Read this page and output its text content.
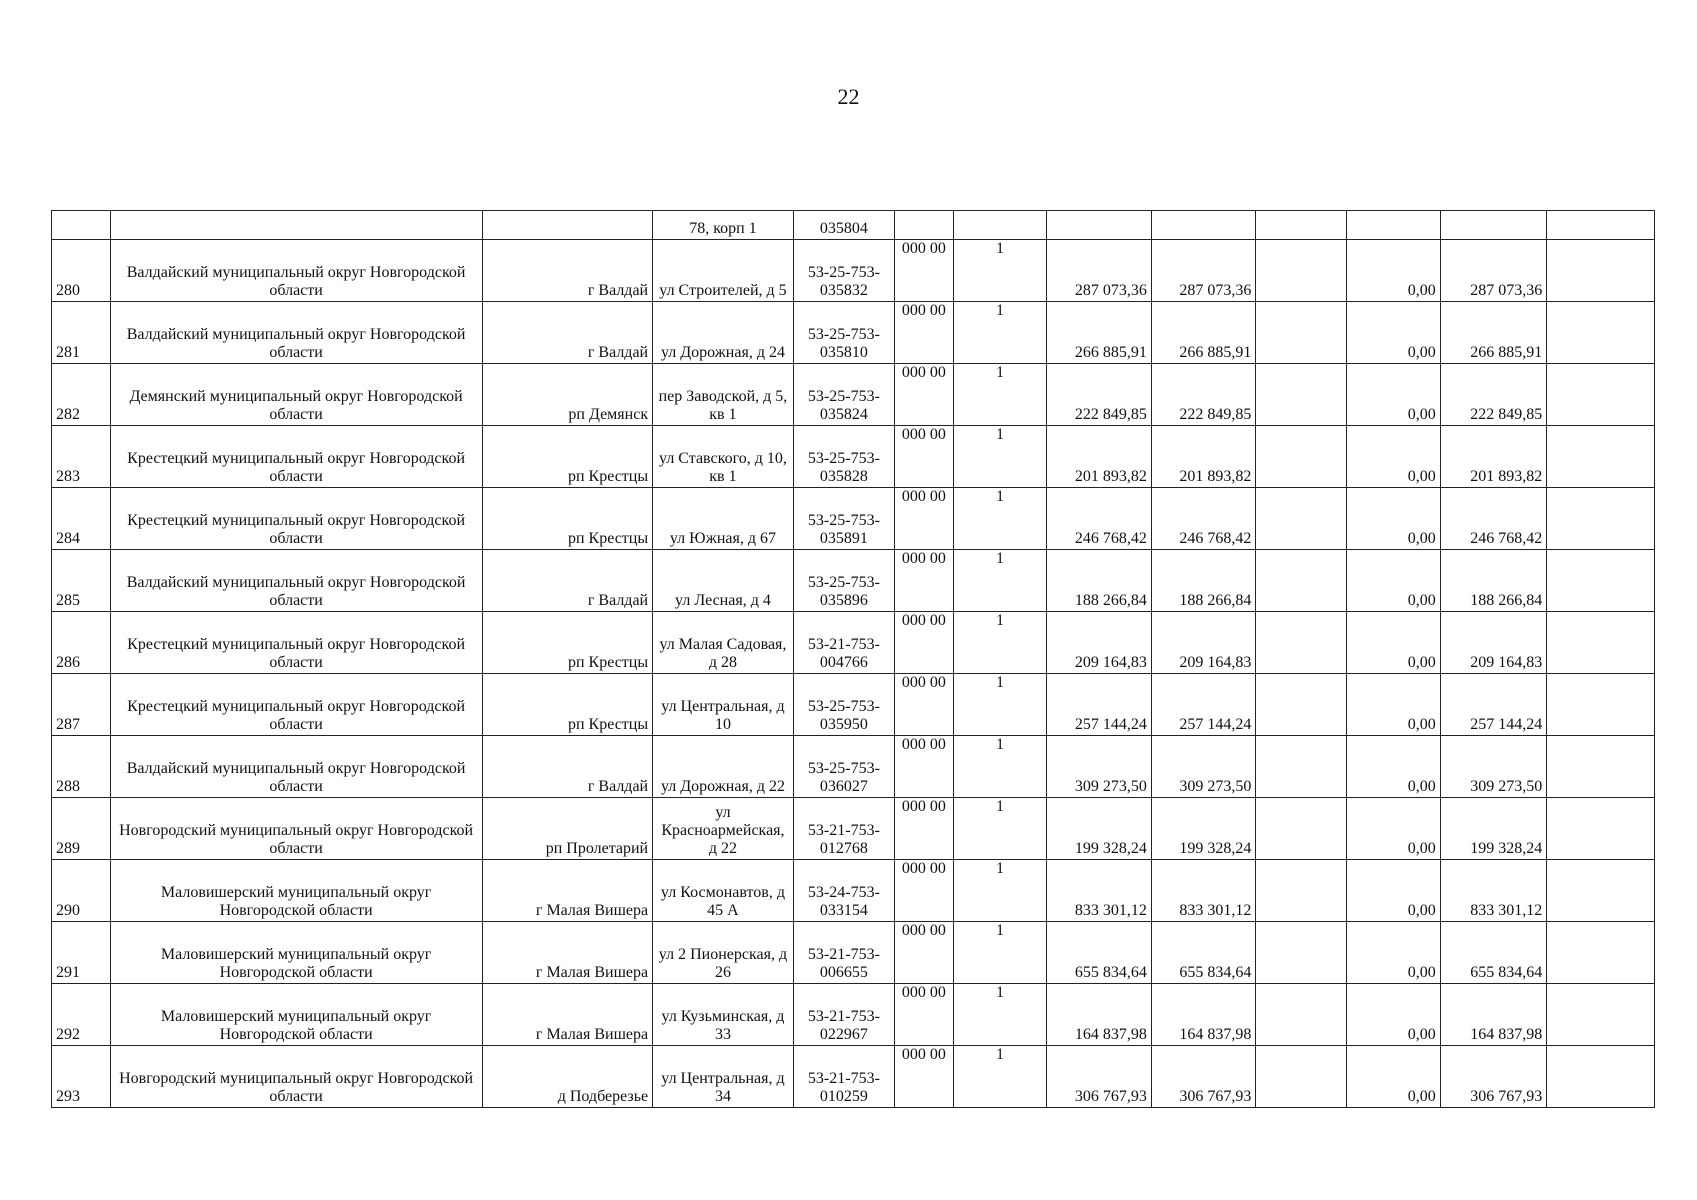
22
			78, корп 1	035804								
280	Валдайский муниципальный округ Новгородской области	г Валдай	ул Строителей, д 5	53-25-753-035832	000 00	1	287 073,36	287 073,36		0,00	287 073,36	
281	Валдайский муниципальный округ Новгородской области	г Валдай	ул Дорожная, д 24	53-25-753-035810	000 00	1	266 885,91	266 885,91		0,00	266 885,91	
282	Демянский муниципальный округ Новгородской области	рп Демянск	пер Заводской, д 5, кв 1	53-25-753-035824	000 00	1	222 849,85	222 849,85		0,00	222 849,85	
283	Крестецкий муниципальный округ Новгородской области	рп Крестцы	ул Ставского, д 10, кв 1	53-25-753-035828	000 00	1	201 893,82	201 893,82		0,00	201 893,82	
284	Крестецкий муниципальный округ Новгородской области	рп Крестцы	ул Южная, д 67	53-25-753-035891	000 00	1	246 768,42	246 768,42		0,00	246 768,42	
285	Валдайский муниципальный округ Новгородской области	г Валдай	ул Лесная, д 4	53-25-753-035896	000 00	1	188 266,84	188 266,84		0,00	188 266,84	
286	Крестецкий муниципальный округ Новгородской области	рп Крестцы	ул Малая Садовая, д 28	53-21-753-004766	000 00	1	209 164,83	209 164,83		0,00	209 164,83	
287	Крестецкий муниципальный округ Новгородской области	рп Крестцы	ул Центральная, д 10	53-25-753-035950	000 00	1	257 144,24	257 144,24		0,00	257 144,24	
288	Валдайский муниципальный округ Новгородской области	г Валдай	ул Дорожная, д 22	53-25-753-036027	000 00	1	309 273,50	309 273,50		0,00	309 273,50	
289	Новгородский муниципальный округ Новгородской области	рп Пролетарий	ул Красноармейская, д 22	53-21-753-012768	000 00	1	199 328,24	199 328,24		0,00	199 328,24	
290	Маловишерский муниципальный округ Новгородской области	г Малая Вишера	ул Космонавтов, д 45 А	53-24-753-033154	000 00	1	833 301,12	833 301,12		0,00	833 301,12	
291	Маловишерский муниципальный округ Новгородской области	г Малая Вишера	ул 2 Пионерская, д 26	53-21-753-006655	000 00	1	655 834,64	655 834,64		0,00	655 834,64	
292	Маловишерский муниципальный округ Новгородской области	г Малая Вишера	ул Кузьминская, д 33	53-21-753-022967	000 00	1	164 837,98	164 837,98		0,00	164 837,98	
293	Новгородский муниципальный округ Новгородской области	д Подберезье	ул Центральная, д 34	53-21-753-010259	000 00	1	306 767,93	306 767,93		0,00	306 767,93	
